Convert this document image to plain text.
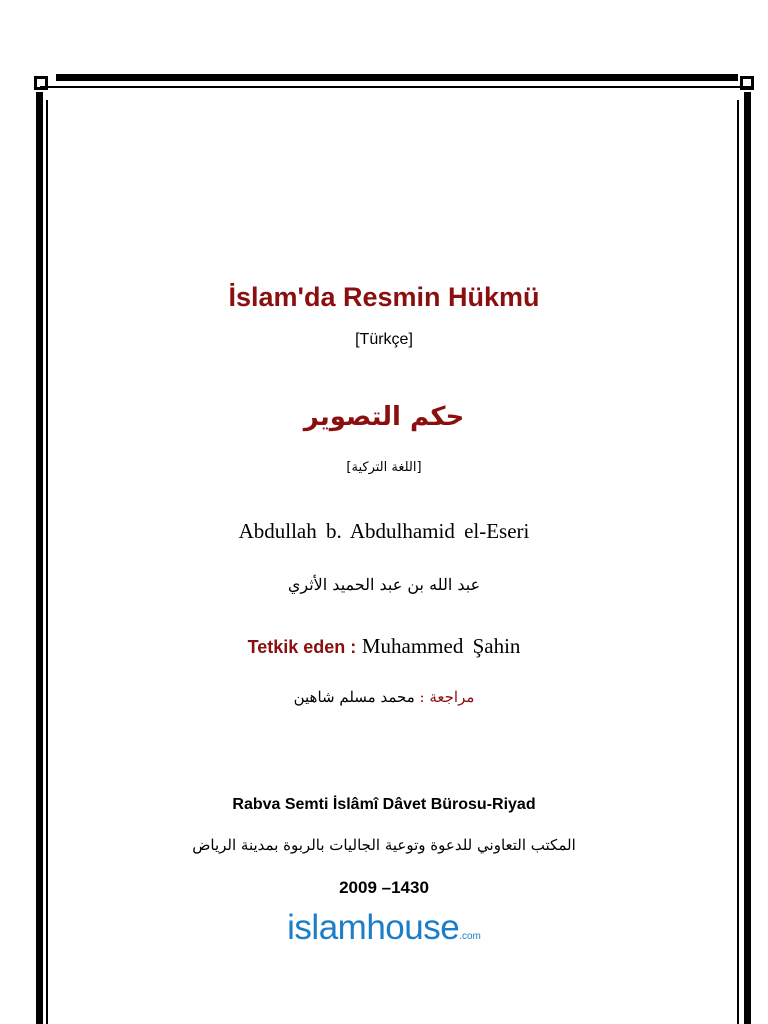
İslam'da Resmin Hükmü
[Türkçe]
حكم التصوير
[اللغة التركية]
Abdullah b. Abdulhamid el-Eseri
عبد الله بن عبد الحميد الأثري
Tetkik eden : Muhammed Şahin
مراجعة : محمد مسلم شاهين
Rabva Semti İslâmî Dâvet Bürosu-Riyad
المكتب التعاوني للدعوة وتوعية الجاليات بالربوة بمدينة الرياض
2009 –1430
islamhouse.com
